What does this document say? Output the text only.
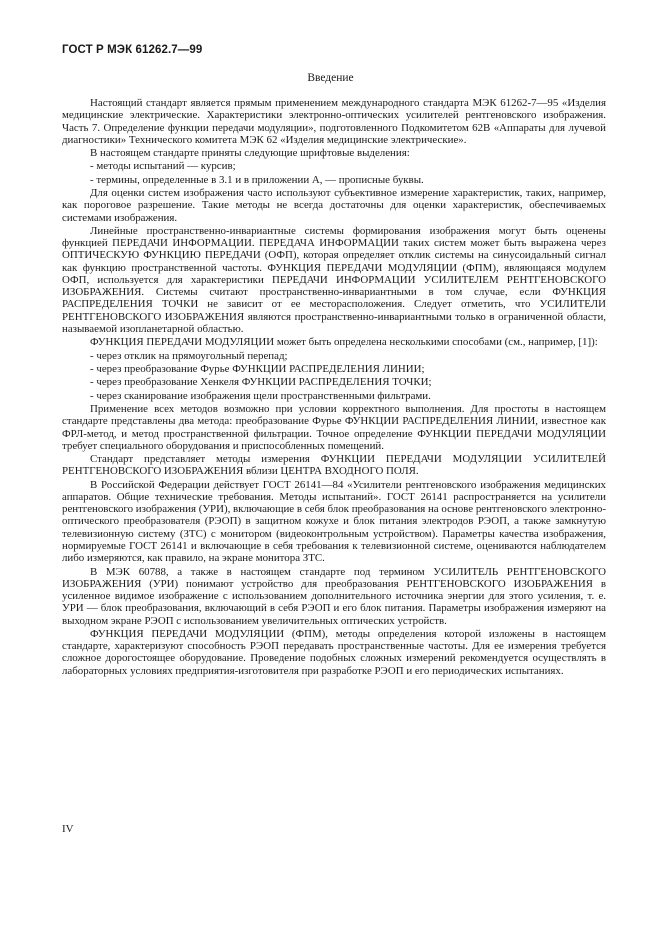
ГОСТ Р МЭК 61262.7—99
Введение

Настоящий стандарт является прямым применением международного стандарта МЭК 61262-7—95 «Изделия медицинские электрические. Характеристики электронно-оптических усилителей рентгеновского изображения. Часть 7. Определение функции передачи модуляции», подготовленного Подкомитетом 62В «Аппараты для лучевой диагностики» Технического комитета МЭК 62 «Изделия медицинские электрические».

В настоящем стандарте приняты следующие шрифтовые выделения:

- методы испытаний — курсив;

- термины, определенные в 3.1 и в приложении А, — прописные буквы.

Для оценки систем изображения часто используют субъективное измерение характеристик, таких, например, как пороговое разрешение. Такие методы не всегда достаточны для оценки характеристик, обеспечиваемых системами изображения.

Линейные пространственно-инвариантные системы формирования изображения могут быть оценены функцией ПЕРЕДАЧИ ИНФОРМАЦИИ. ПЕРЕДАЧА ИНФОРМАЦИИ таких систем может быть выражена через ОПТИЧЕСКУЮ ФУНКЦИЮ ПЕРЕДАЧИ (ОФП), которая определяет отклик системы на синусоидальный сигнал как функцию пространственной частоты. ФУНКЦИЯ ПЕРЕДАЧИ МОДУЛЯЦИИ (ФПМ), являющаяся модулем ОФП, используется для характеристики ПЕРЕДАЧИ ИНФОРМАЦИИ УСИЛИТЕЛЕМ РЕНТГЕНОВСКОГО ИЗОБРАЖЕНИЯ. Системы считают пространственно-инвариантными в том случае, если ФУНКЦИЯ РАСПРЕДЕЛЕНИЯ ТОЧКИ не зависит от ее месторасположения. Следует отметить, что УСИЛИТЕЛИ РЕНТГЕНОВСКОГО ИЗОБРАЖЕНИЯ являются пространственно-инвариантными только в ограниченной области, называемой изопланетарной областью.

ФУНКЦИЯ ПЕРЕДАЧИ МОДУЛЯЦИИ может быть определена несколькими способами (см., например, [1]):

- через отклик на прямоугольный перепад;

- через преобразование Фурье ФУНКЦИИ РАСПРЕДЕЛЕНИЯ ЛИНИИ;

- через преобразование Хенкеля ФУНКЦИИ РАСПРЕДЕЛЕНИЯ ТОЧКИ;

- через сканирование изображения щели пространственными фильтрами.

Применение всех методов возможно при условии корректного выполнения. Для простоты в настоящем стандарте представлены два метода: преобразование Фурье ФУНКЦИИ РАСПРЕДЕЛЕНИЯ ЛИНИИ, известное как ФРЛ-метод, и метод пространственной фильтрации. Точное определение ФУНКЦИИ ПЕРЕДАЧИ МОДУЛЯЦИИ требует специального оборудования и приспособленных помещений.

Стандарт представляет методы измерения ФУНКЦИИ ПЕРЕДАЧИ МОДУЛЯЦИИ УСИЛИТЕЛЕЙ РЕНТГЕНОВСКОГО ИЗОБРАЖЕНИЯ вблизи ЦЕНТРА ВХОДНОГО ПОЛЯ.

В Российской Федерации действует ГОСТ 26141—84 «Усилители рентгеновского изображения медицинских аппаратов. Общие технические требования. Методы испытаний». ГОСТ 26141 распространяется на усилители рентгеновского изображения (УРИ), включающие в себя блок преобразования на основе рентгеновского электронно-оптического преобразователя (РЭОП) в защитном кожухе и блок питания электродов РЭОП, а также замкнутую телевизионную систему (ЗТС) с монитором (видеоконтрольным устройством). Параметры качества изображения, нормируемые ГОСТ 26141 и включающие в себя требования к телевизионной системе, оцениваются наблюдателем либо измеряются, как правило, на экране монитора ЗТС.

В МЭК 60788, а также в настоящем стандарте под термином УСИЛИТЕЛЬ РЕНТГЕНОВСКОГО ИЗОБРАЖЕНИЯ (УРИ) понимают устройство для преобразования РЕНТГЕНОВСКОГО ИЗОБРАЖЕНИЯ в усиленное видимое изображение с использованием дополнительного источника энергии для этого усиления, т. е. УРИ — блок преобразования, включающий в себя РЭОП и его блок питания. Параметры изображения измеряют на выходном экране РЭОП с использованием увеличительных оптических устройств.

ФУНКЦИЯ ПЕРЕДАЧИ МОДУЛЯЦИИ (ФПМ), методы определения которой изложены в настоящем стандарте, характеризуют способность РЭОП передавать пространственные частоты. Для ее измерения требуется сложное дорогостоящее оборудование. Проведение подобных сложных измерений рекомендуется осуществлять в лабораторных условиях предприятия-изготовителя при разработке РЭОП и его периодических испытаниях.

IV
